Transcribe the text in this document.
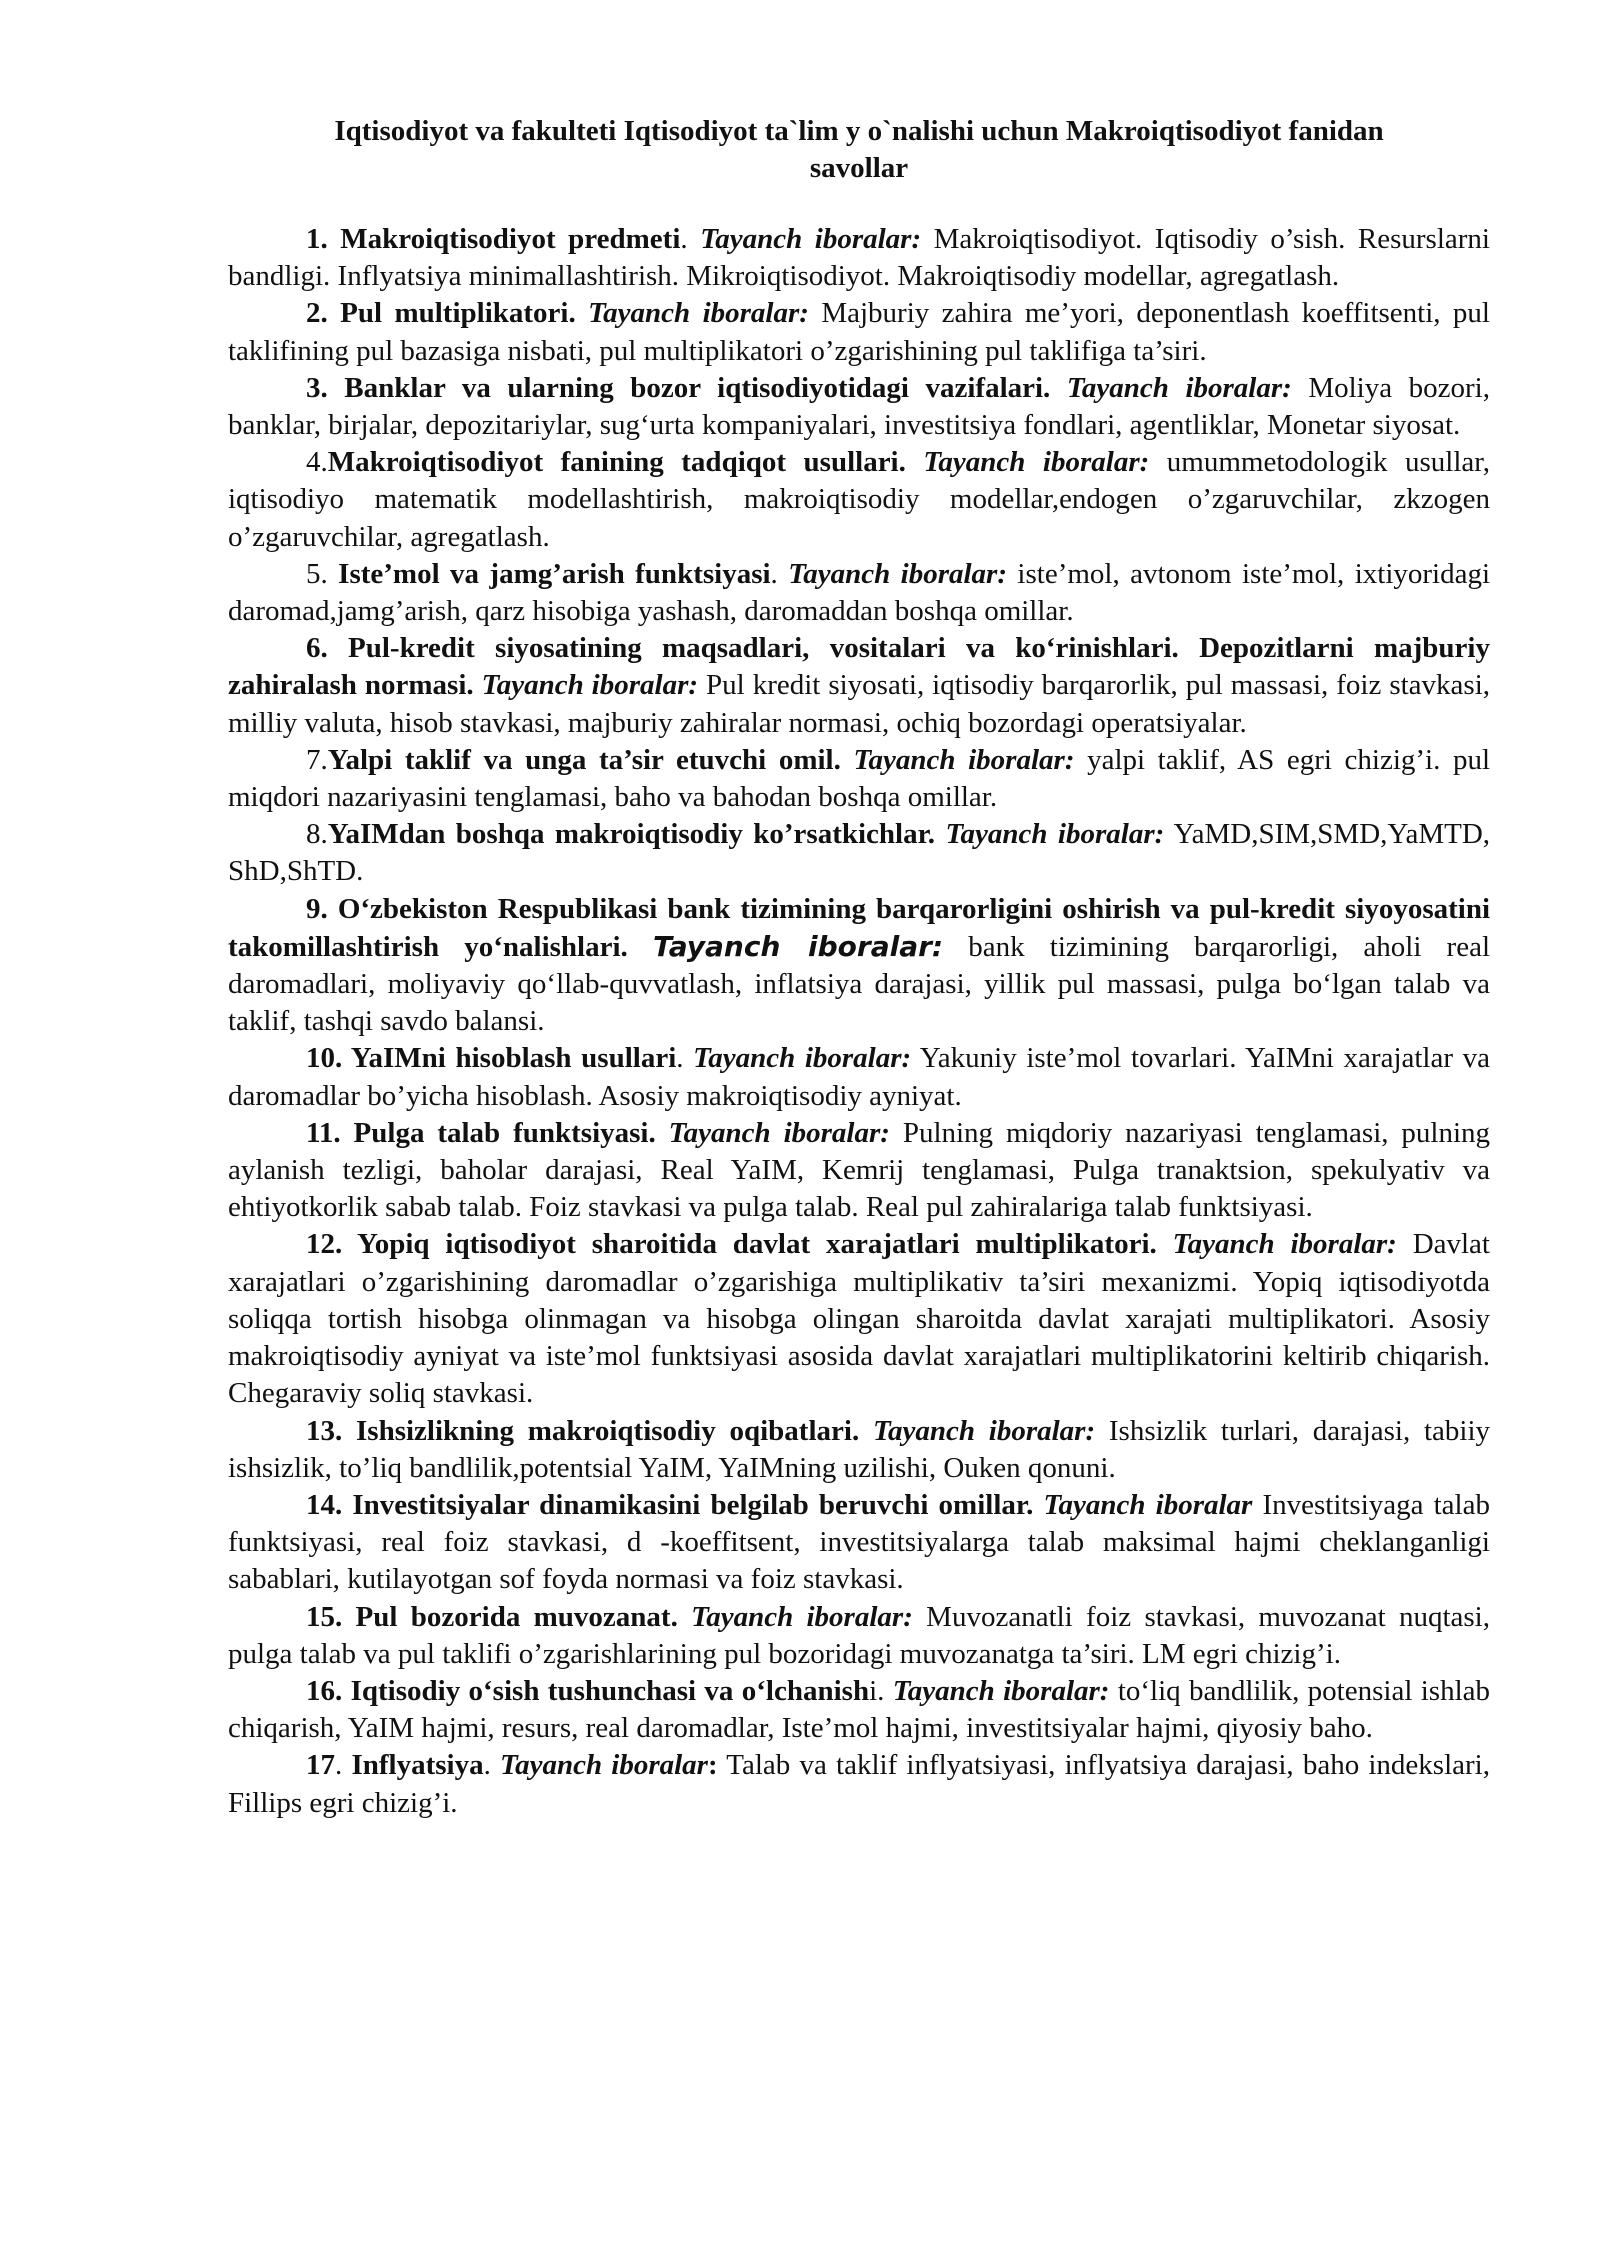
Iqtisodiyot va fakulteti Iqtisodiyot ta`lim y o`nalishi uchun Makroiqtisodiyot fanidan
savollar

1. Makroiqtisodiyot predmeti. Tayanch iboralar: Makroiqtisodiyot. Iqtisodiy o’sish. Resurslarni bandligi. Inflyatsiya minimallashtirish. Mikroiqtisodiyot. Makroiqtisodiy modellar, agregatlash.

2. Pul multiplikatori. Tayanch iboralar: Majburiy zahira me’yori, deponentlash koeffitsenti, pul taklifining pul bazasiga nisbati, pul multiplikatori o’zgarishining pul taklifiga ta’siri.

3. Banklar va ularning bozor iqtisodiyotidagi vazifalari. Tayanch iboralar: Moliya bozori, banklar, birjalar, depozitariylar, sug‘urta kompaniyalari, investitsiya fondlari, agentliklar, Monetar siyosat.

4.Makroiqtisodiyot fanining tadqiqot usullari. Tayanch iboralar: umummetodologik usullar, iqtisodiyo matematik modellashtirish, makroiqtisodiy modellar,endogen o’zgaruvchilar, zkzogen o’zgaruvchilar, agregatlash.

5. Iste’mol va jamg’arish funktsiyasi. Tayanch iboralar: iste’mol, avtonom iste’mol, ixtiyoridagi daromad,jamg’arish, qarz hisobiga yashash, daromaddan boshqa omillar.

6. Pul-kredit siyosatining maqsadlari, vositalari va ko‘rinishlari. Depozitlarni majburiy zahiralash normasi. Tayanch iboralar: Pul kredit siyosati, iqtisodiy barqarorlik, pul massasi, foiz stavkasi, milliy valuta, hisob stavkasi, majburiy zahiralar normasi, ochiq bozordagi operatsiyalar.

7.Yalpi taklif va unga ta’sir etuvchi omil. Tayanch iboralar: yalpi taklif, AS egri chizig’i. pul miqdori nazariyasini tenglamasi, baho va bahodan boshqa omillar.

8.YaIMdan boshqa makroiqtisodiy ko’rsatkichlar. Tayanch iboralar: YaMD,SIM,SMD,YaMTD, ShD,ShTD.

9. O‘zbekiston Respublikasi bank tizimining barqarorligini oshirish va pul-kredit siyoyosatini takomillashtirish yo‘nalishlari. Tayanch iboralar: bank tizimining barqarorligi, aholi real daromadlari, moliyaviy qo‘llab-quvvatlash, inflatsiya darajasi, yillik pul massasi, pulga bo‘lgan talab va taklif, tashqi savdo balansi.

10. YaIMni hisoblash usullari. Tayanch iboralar: Yakuniy iste’mol tovarlari. YaIMni xarajatlar va daromadlar bo’yicha hisoblash. Asosiy makroiqtisodiy ayniyat.

11. Pulga talab funktsiyasi. Tayanch iboralar: Pulning miqdoriy nazariyasi tenglamasi, pulning aylanish tezligi, baholar darajasi, Real YaIM, Kemrij tenglamasi, Pulga tranaktsion, spekulyativ va ehtiyotkorlik sabab talab. Foiz stavkasi va pulga talab. Real pul zahiralariga talab funktsiyasi.

12. Yopiq iqtisodiyot sharoitida davlat xarajatlari multiplikatori. Tayanch iboralar: Davlat xarajatlari o’zgarishining daromadlar o’zgarishiga multiplikativ ta’siri mexanizmi. Yopiq iqtisodiyotda soliqqa tortish hisobga olinmagan va hisobga olingan sharoitda davlat xarajati multiplikatori. Asosiy makroiqtisodiy ayniyat va iste’mol funktsiyasi asosida davlat xarajatlari multiplikatorini keltirib chiqarish. Chegaraviy soliq stavkasi.

13. Ishsizlikning makroiqtisodiy oqibatlari. Tayanch iboralar: Ishsizlik turlari, darajasi, tabiiy ishsizlik, to’liq bandlilik,potentsial YaIM, YaIMning uzilishi, Ouken qonuni.

14. Investitsiyalar dinamikasini belgilab beruvchi omillar. Tayanch iboralar Investitsiyaga talab funktsiyasi, real foiz stavkasi, d -koeffitsent, investitsiyalarga talab maksimal hajmi cheklanganligi sabablari, kutilayotgan sof foyda normasi va foiz stavkasi.

15. Pul bozorida muvozanat. Tayanch iboralar: Muvozanatli foiz stavkasi, muvozanat nuqtasi, pulga talab va pul taklifi o’zgarishlarining pul bozoridagi muvozanatga ta’siri. LM egri chizig’i.

16. Iqtisodiy o‘sish tushunchasi va o‘lchanishi. Tayanch iboralar: to‘liq bandlilik, potensial ishlab chiqarish, YaIM hajmi, resurs, real daromadlar, Iste’mol hajmi, investitsiyalar hajmi, qiyosiy baho.

17. Inflyatsiya. Tayanch iboralar: Talab va taklif inflyatsiyasi, inflyatsiya darajasi, baho indekslari, Fillips egri chizig’i.
